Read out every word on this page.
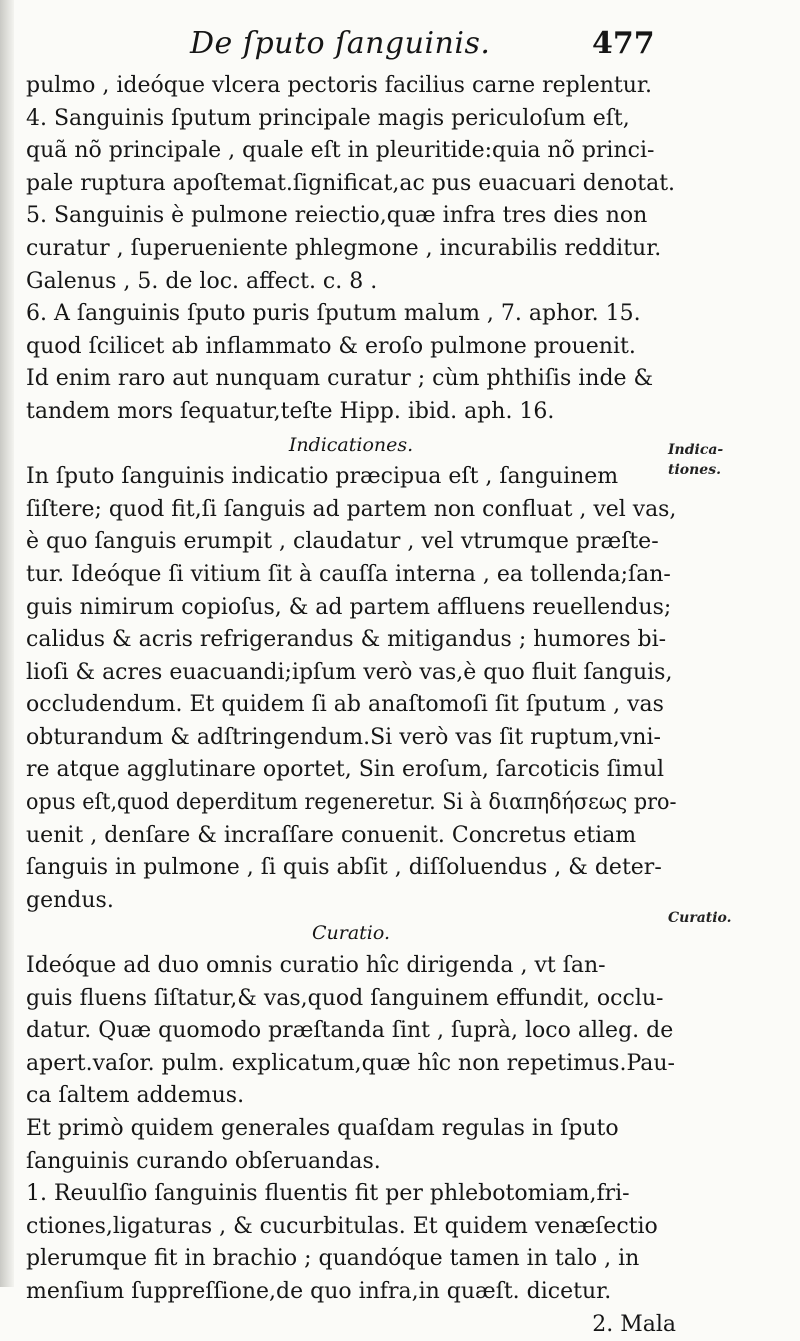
De ſputo ſanguinis.	477
pulmo , ideóque vlcera pectoris facilius carne replentur.
4. Sanguinis ſputum principale magis periculoſum eſt,
quã nõ principale , quale eſt in pleuritide:quia nõ princi-
pale ruptura apoſtemat.ſignificat,ac pus euacuari denotat.
5. Sanguinis è pulmone reiectio,quæ infra tres dies non
curatur , ſuperueniente phlegmone , incurabilis redditur.
Galenus , 5. de loc. affect. c. 8 .
6. A ſanguinis ſputo puris ſputum malum , 7. aphor. 15.
quod ſcilicet ab inflammato & eroſo pulmone prouenit.
Id enim raro aut nunquam curatur ; cùm phthiſis inde &
tandem mors ſequatur,teſte Hipp. ibid. aph. 16.
Indicationes.
In ſputo ſanguinis indicatio præcipua eſt , ſanguinem
ſiſtere; quod fit,ſi ſanguis ad partem non confluat , vel vas,
è quo ſanguis erumpit , claudatur , vel vtrumque præſte-
tur. Ideóque ſi vitium ſit à cauſſa interna , ea tollenda;ſan-
guis nimirum copioſus, & ad partem affluens reuellendus;
calidus & acris refrigerandus & mitigandus ; humores bi-
lioſi & acres euacuandi;ipſum verò vas,è quo fluit ſanguis,
occludendum. Et quidem ſi ab anaſtomoſi ſit ſputum , vas
obturandum & adſtringendum.Si verò vas ſit ruptum,vni-
re atque agglutinare oportet, Sin eroſum, ſarcoticis ſimul
opus eſt,quod deperditum regeneretur. Si à διαπηδήσεως pro-
uenit , denſare & incraſſare conuenit. Concretus etiam
ſanguis in pulmone , ſi quis abſit , diſſoluendus , & deter-
gendus.
Curatio.
Ideóque ad duo omnis curatio hîc dirigenda , vt ſan-
guis fluens ſiſtatur,& vas,quod ſanguinem effundit, occlu-
datur. Quæ quomodo præſtanda ſint , ſuprà, loco alleg. de
apert.vaſor. pulm. explicatum,quæ hîc non repetimus.Pau-
ca ſaltem addemus.
Et primò quidem generales quaſdam regulas in ſputo
ſanguinis curando obſeruandas.
1. Reuulſio ſanguinis fluentis fit per phlebotomiam,fri-
ctiones,ligaturas , & cucurbitulas. Et quidem venæſectio
plerumque fit in brachio ; quandóque tamen in talo , in
menſium ſuppreſſione,de quo infra,in quæſt. dicetur.
2. Mala
Indica-
tiones.
Curatio.
